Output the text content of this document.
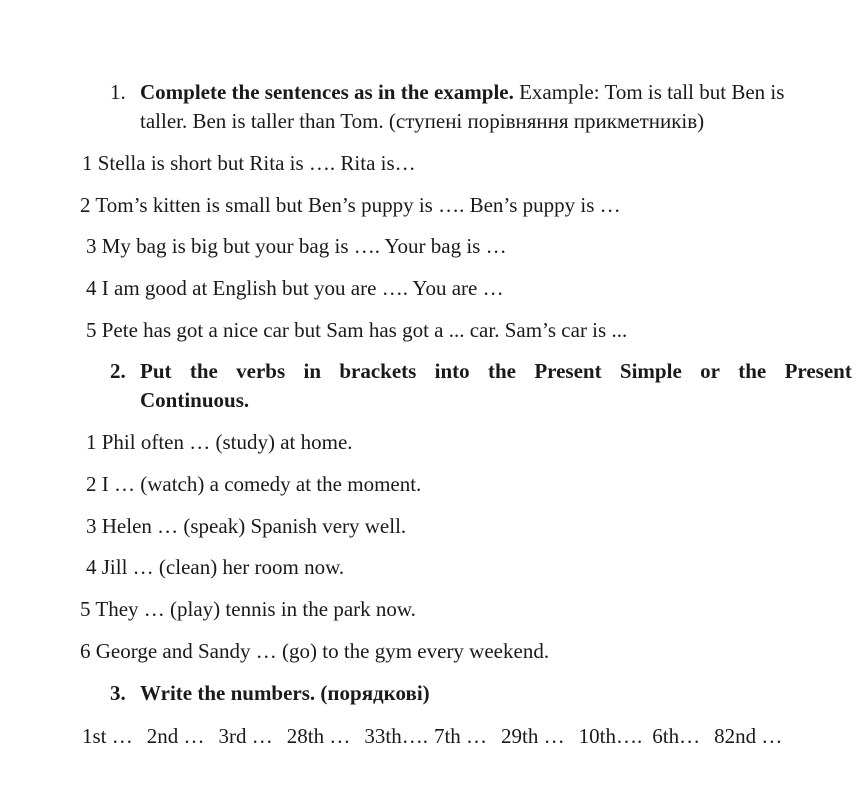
1. Complete the sentences as in the example. Example: Tom is tall but Ben is
taller. Ben is taller than Tom. (ступені порівняння прикметників)
1 Stella is short but Rita is …. Rita is…
2 Tom’s kitten is small but Ben’s puppy is …. Ben’s puppy is …
3 My bag is big but your bag is …. Your bag is …
4 I am good at English but you are …. You are …
5 Pete has got a nice car but Sam has got a ... car. Sam’s car is ...
2. Put the verbs in brackets into the Present Simple or the Present
Continuous.
1 Phil often … (study) at home.
2 I … (watch) a comedy at the moment.
3 Helen … (speak) Spanish very well.
4 Jill … (clean) her room now.
5 They … (play) tennis in the park now.
6 George and Sandy … (go) to the gym every weekend.
3. Write the numbers. (порядкові)
1st … 2nd … 3rd … 28th … 33th…. 7th … 29th … 10th…. 6th… 82nd …
